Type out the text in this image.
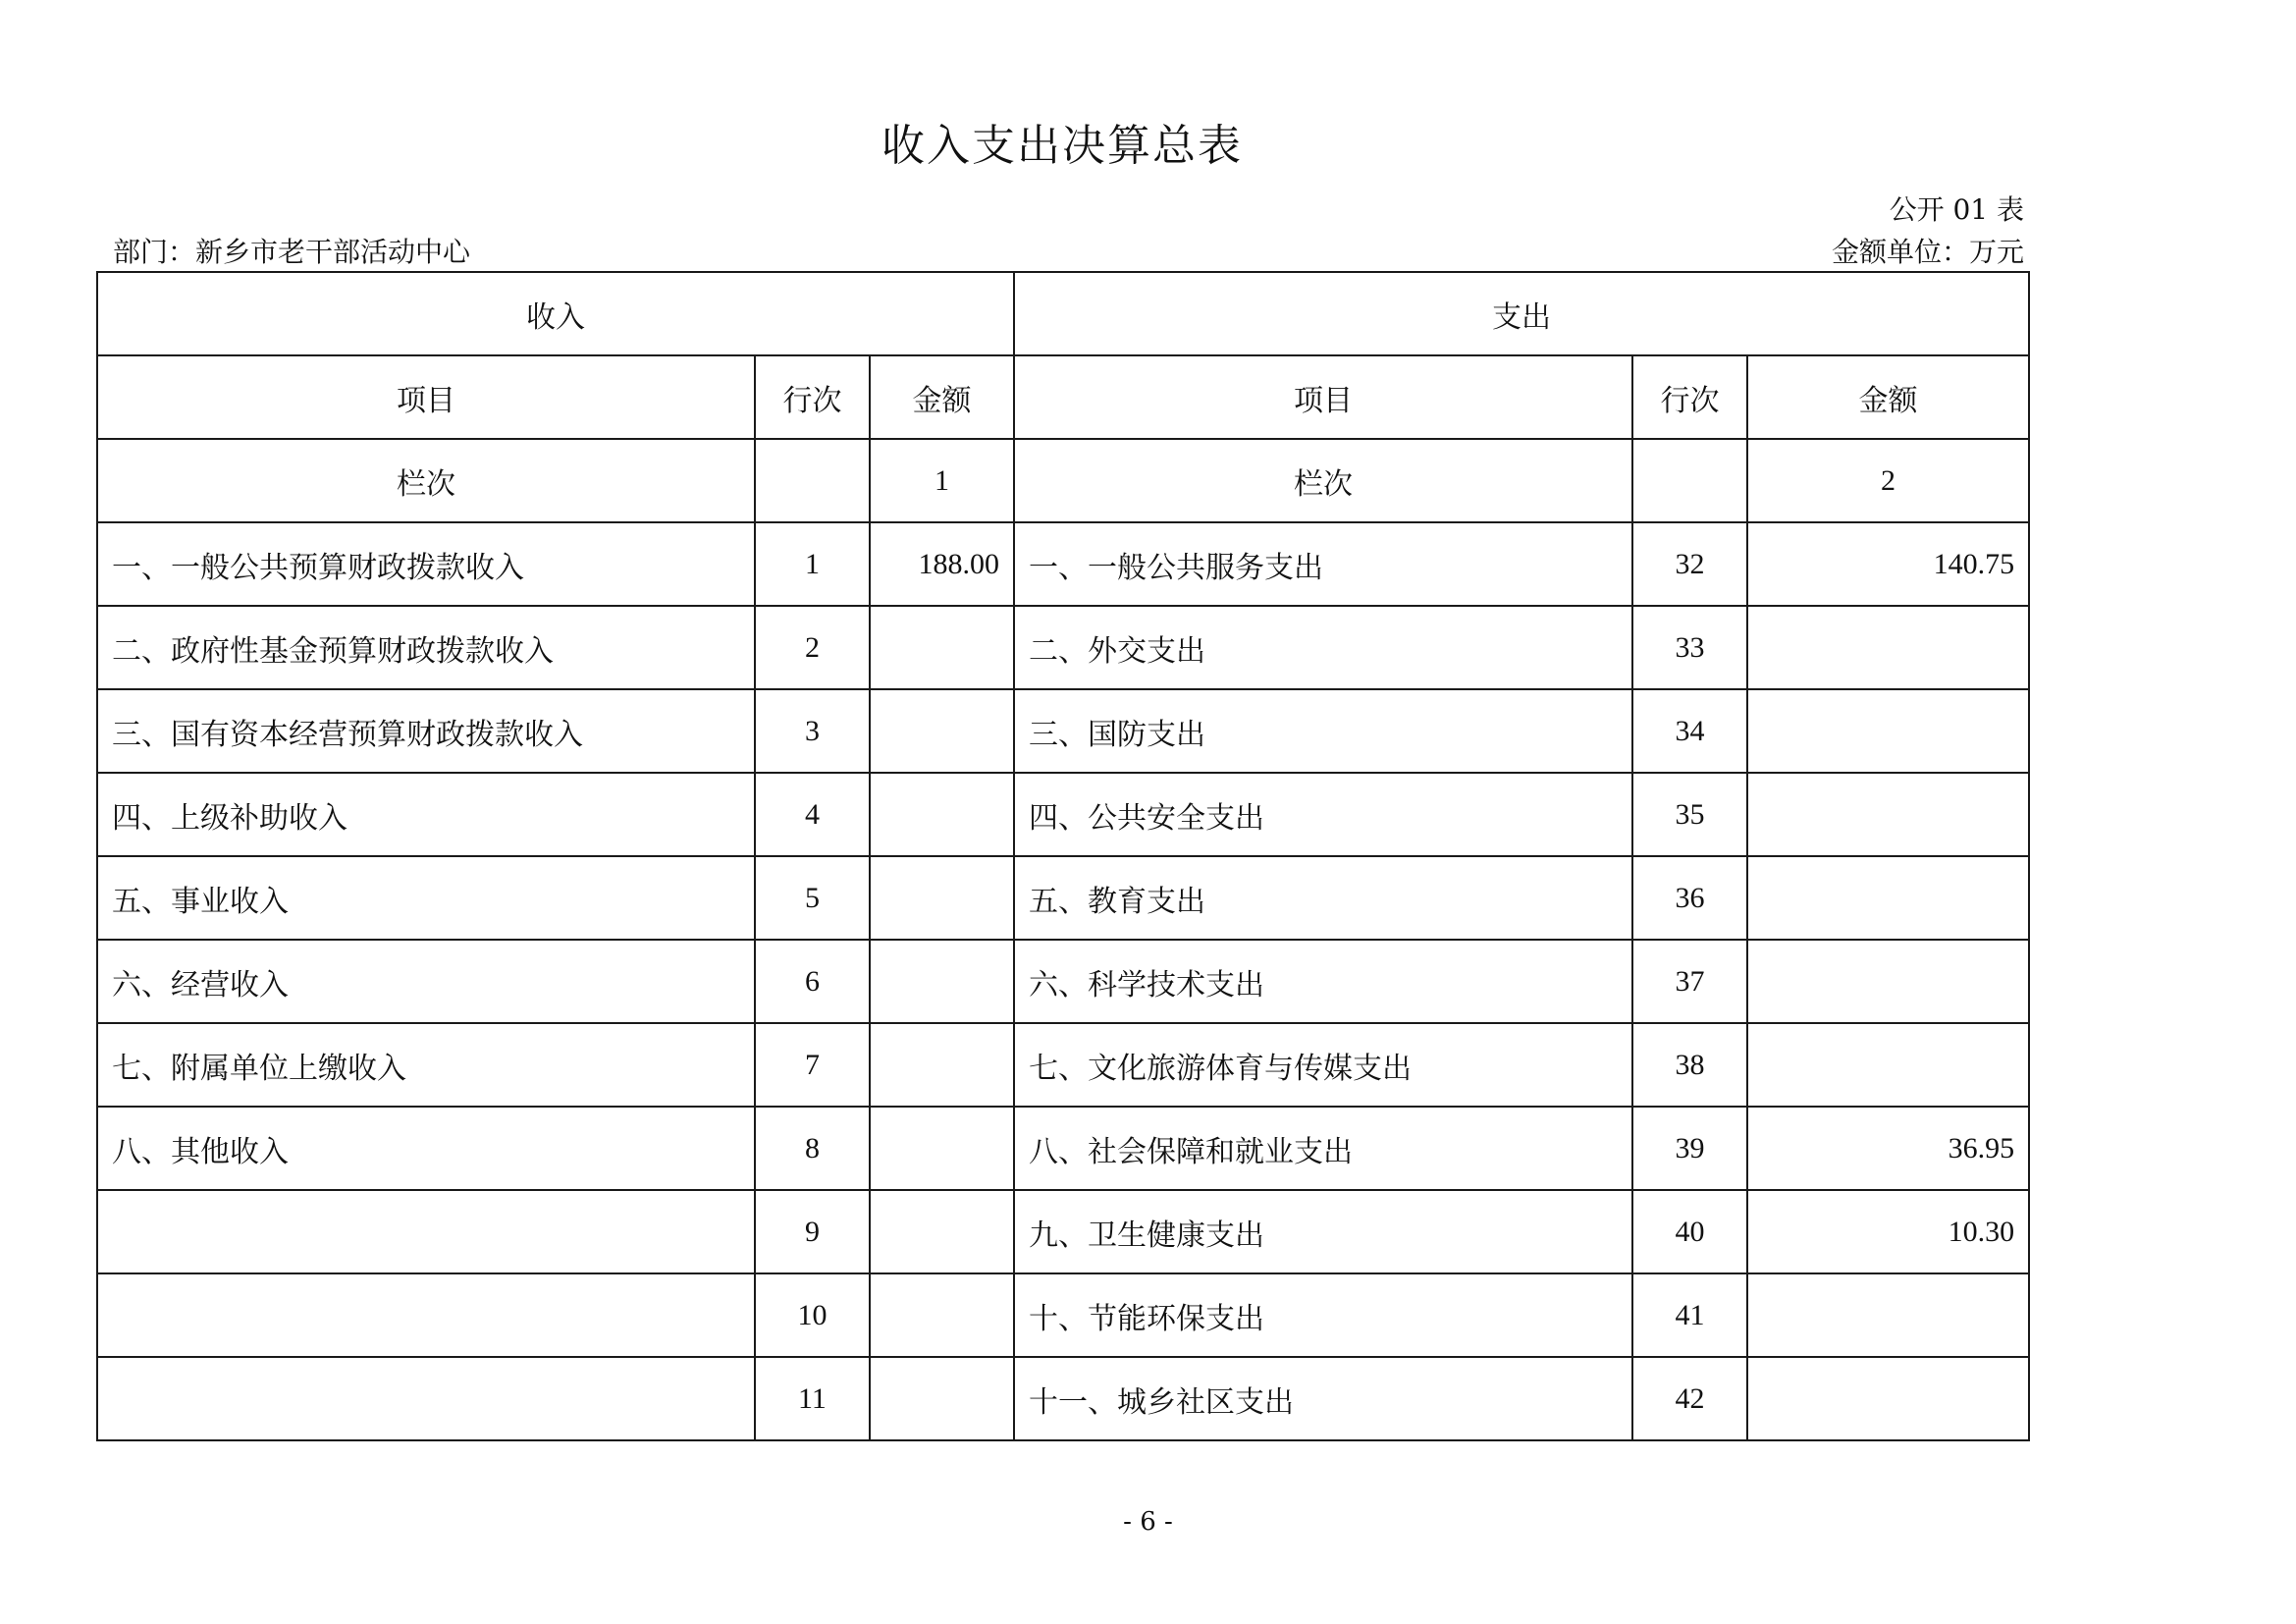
收入支出决算总表
公开 01 表
部门：新乡市老干部活动中心	金额单位：万元
收入			支出		
项目	行次	金额	项目	行次	金额
栏次		1	栏次		2
一、一般公共预算财政拨款收入	1	188.00	一、一般公共服务支出	32	140.75
二、政府性基金预算财政拨款收入	2		二、外交支出	33	
三、国有资本经营预算财政拨款收入	3		三、国防支出	34	
四、上级补助收入	4		四、公共安全支出	35	
五、事业收入	5		五、教育支出	36	
六、经营收入	6		六、科学技术支出	37	
七、附属单位上缴收入	7		七、文化旅游体育与传媒支出	38	
八、其他收入	8		八、社会保障和就业支出	39	36.95
	9		九、卫生健康支出	40	10.30
	10		十、节能环保支出	41	
	11		十一、城乡社区支出	42	
- 6 -
